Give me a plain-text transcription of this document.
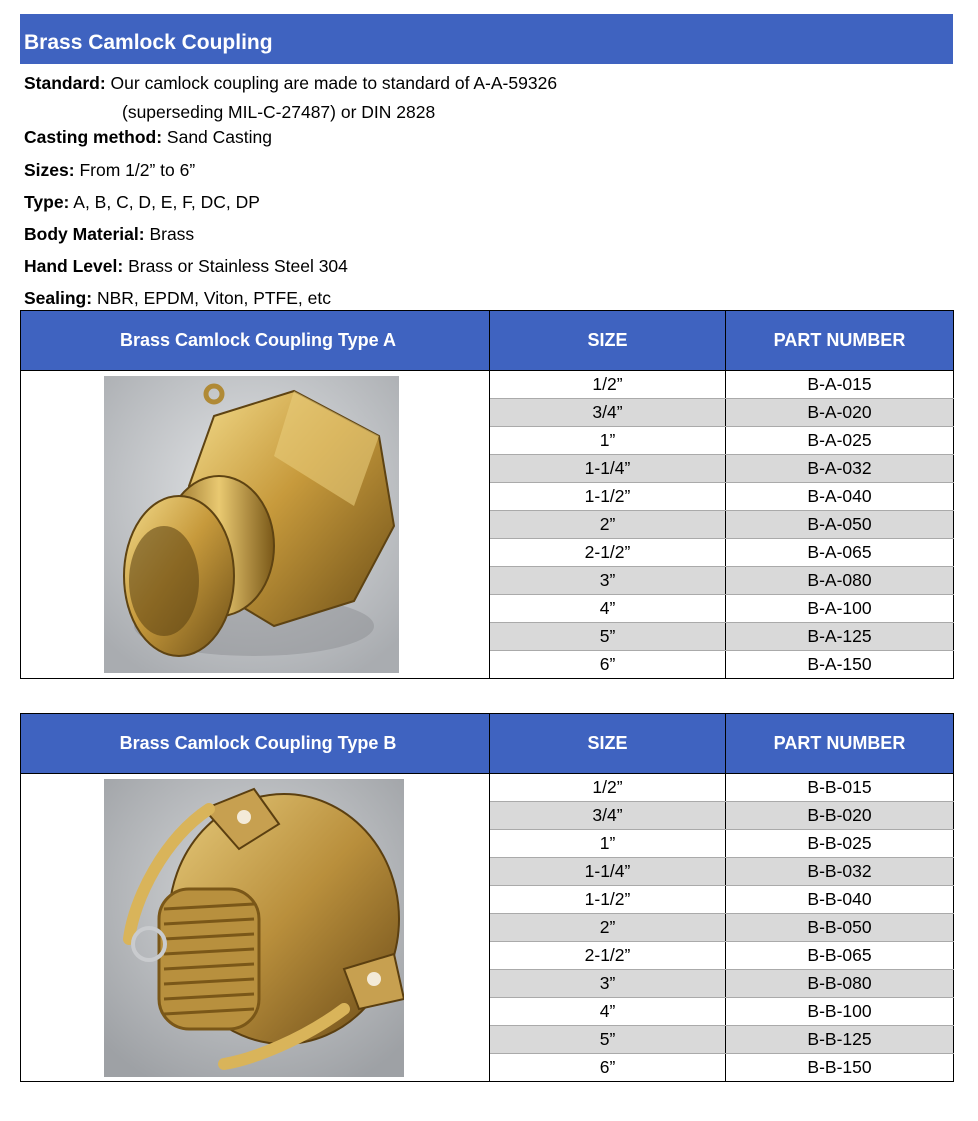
Brass Camlock Coupling
Standard: Our camlock coupling are made to standard of A-A-59326
(superseding MIL-C-27487) or DIN 2828
Casting method: Sand Casting
Sizes: From 1/2” to 6”
Type: A, B, C, D, E, F, DC, DP
Body Material: Brass
Hand Level: Brass or Stainless Steel 304
Sealing: NBR, EPDM, Viton, PTFE, etc
Brass Camlock Coupling Type A	SIZE	PART NUMBER

	1/2”	B-A-015
	3/4”	B-A-020
	1”	B-A-025
	1-1/4”	B-A-032
	1-1/2”	B-A-040
	2”	B-A-050
	2-1/2”	B-A-065
	3”	B-A-080
	4”	B-A-100
	5”	B-A-125
	6”	B-A-150
Brass Camlock Coupling Type B	SIZE	PART NUMBER

	1/2”	B-B-015
	3/4”	B-B-020
	1”	B-B-025
	1-1/4”	B-B-032
	1-1/2”	B-B-040
	2”	B-B-050
	2-1/2”	B-B-065
	3”	B-B-080
	4”	B-B-100
	5”	B-B-125
	6”	B-B-150
